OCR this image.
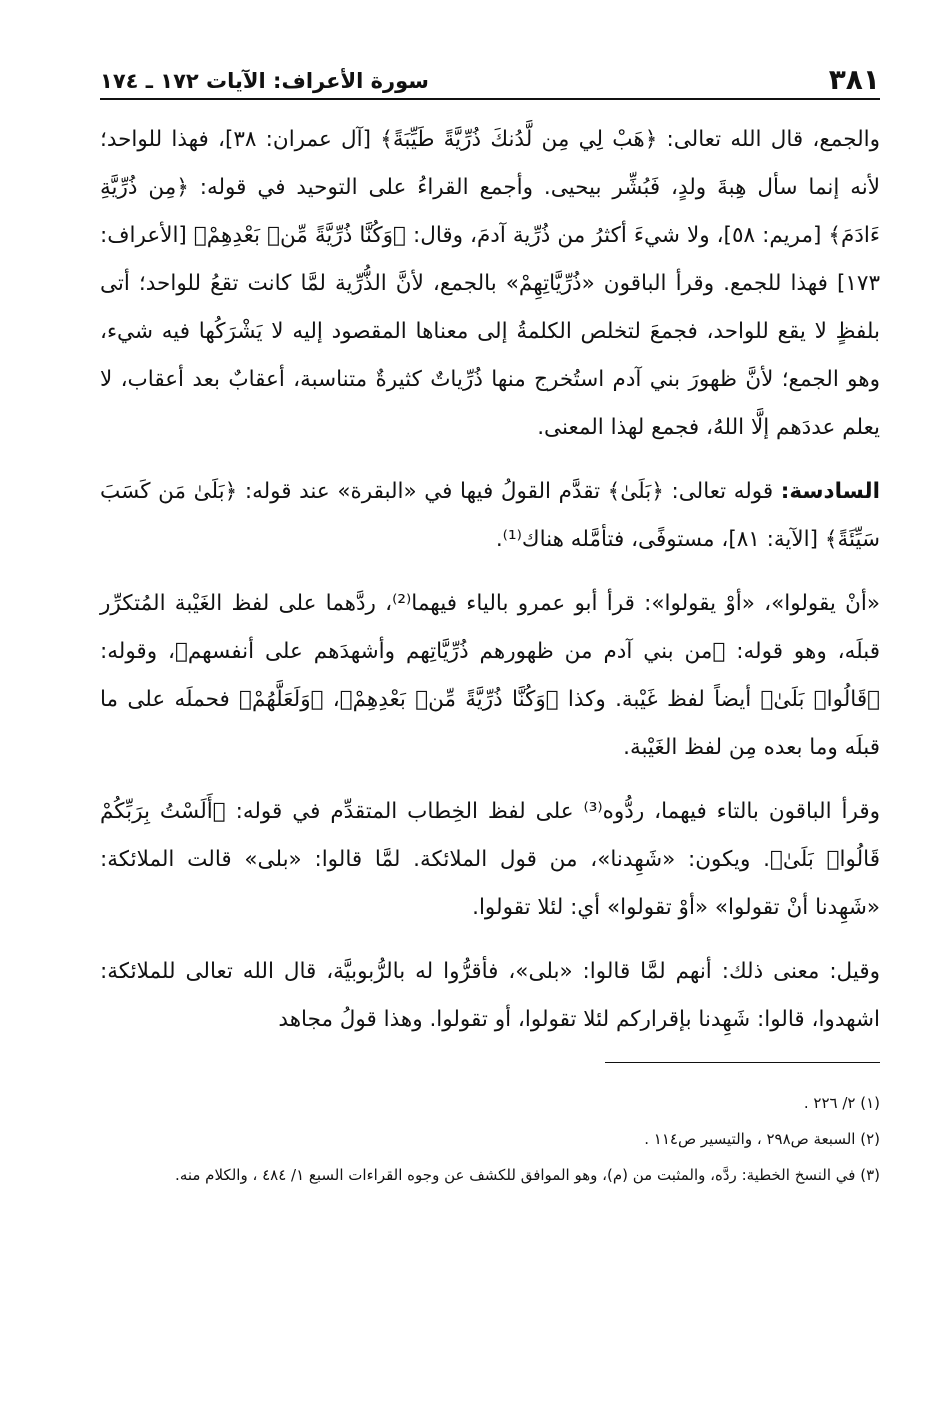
٣٨١
سورة الأعراف: الآيات ١٧٢ ـ ١٧٤

والجمع، قال الله تعالى: ﴿هَبْ لِي مِن لَّدُنكَ ذُرِّيَّةً طَيِّبَةً﴾ [آل عمران: ٣٨]، فهذا للواحد؛ لأنه إنما سأل هِبةَ ولدٍ، فَبُشِّر بيحيى. وأجمع القراءُ على التوحيد في قوله: ﴿مِن ذُرِّيَّةِ ءَادَمَ﴾ [مريم: ٥٨]، ولا شيءَ أكثرُ من ذُرِّية آدمَ، وقال: ﴿وَكُنَّا ذُرِّيَّةً مِّنۢ بَعْدِهِمْ﴾ [الأعراف: ١٧٣] فهذا للجمع. وقرأ الباقون «ذُرِّيَّاتِهِمْ» بالجمع، لأنَّ الذُّرِّية لمَّا كانت تقعُ للواحد؛ أتى بلفظٍ لا يقع للواحد، فجمعَ لتخلص الكلمةُ إلى معناها المقصود إليه لا يَشْرَكُها فيه شيء، وهو الجمع؛ لأنَّ ظهورَ بني آدم استُخرج منها ذُرِّياتٌ كثيرةٌ متناسبة، أعقابٌ بعد أعقاب، لا يعلم عددَهم إلَّا اللهُ، فجمع لهذا المعنى.

السادسة: قوله تعالى: ﴿بَلَىٰ﴾ تقدَّم القولُ فيها في «البقرة» عند قوله: ﴿بَلَىٰ مَن كَسَبَ سَيِّئَةً﴾ [الآية: ٨١]، مستوفًى، فتأمَّله هناك⁽¹⁾.

«أنْ يقولوا»، «أوْ يقولوا»: قرأ أبو عمرو بالياء فيهما⁽²⁾، ردَّهما على لفظ الغَيْبة المُتكرِّر قبلَه، وهو قوله: ﴿من بني آدم من ظهورهم ذُرِّيَّاتِهم وأشهدَهم على أنفسهم﴾، وقوله: ﴿قَالُوا۟ بَلَىٰ﴾ أيضاً لفظ غَيْبة. وكذا ﴿وَكُنَّا ذُرِّيَّةً مِّنۢ بَعْدِهِمْ﴾، ﴿وَلَعَلَّهُمْ﴾ فحملَه على ما قبلَه وما بعده مِن لفظ الغَيْبة.

وقرأ الباقون بالتاء فيهما، ردُّوه⁽³⁾ على لفظ الخِطاب المتقدِّم في قوله: ﴿أَلَسْتُ بِرَبِّكُمْ قَالُوا۟ بَلَىٰ﴾. ويكون: «شَهِدنا»، من قول الملائكة. لمَّا قالوا: «بلى» قالت الملائكة: «شَهِدنا أنْ تقولوا» «أوْ تقولوا» أي: لئلا تقولوا.

وقيل: معنى ذلك: أنهم لمَّا قالوا: «بلى»، فأقرُّوا له بالرُّبوبيَّة، قال الله تعالى للملائكة: اشهدوا، قالوا: شَهِدنا بإقراركم لئلا تقولوا، أو تقولوا. وهذا قولُ مجاهد

(١) ٢/ ٢٢٦ .

(٢) السبعة ص٢٩٨ ، والتيسير ص١١٤ .

(٣) في النسخ الخطية: ردَّه، والمثبت من (م)، وهو الموافق للكشف عن وجوه القراءات السبع ١/ ٤٨٤ ، والكلام منه.
